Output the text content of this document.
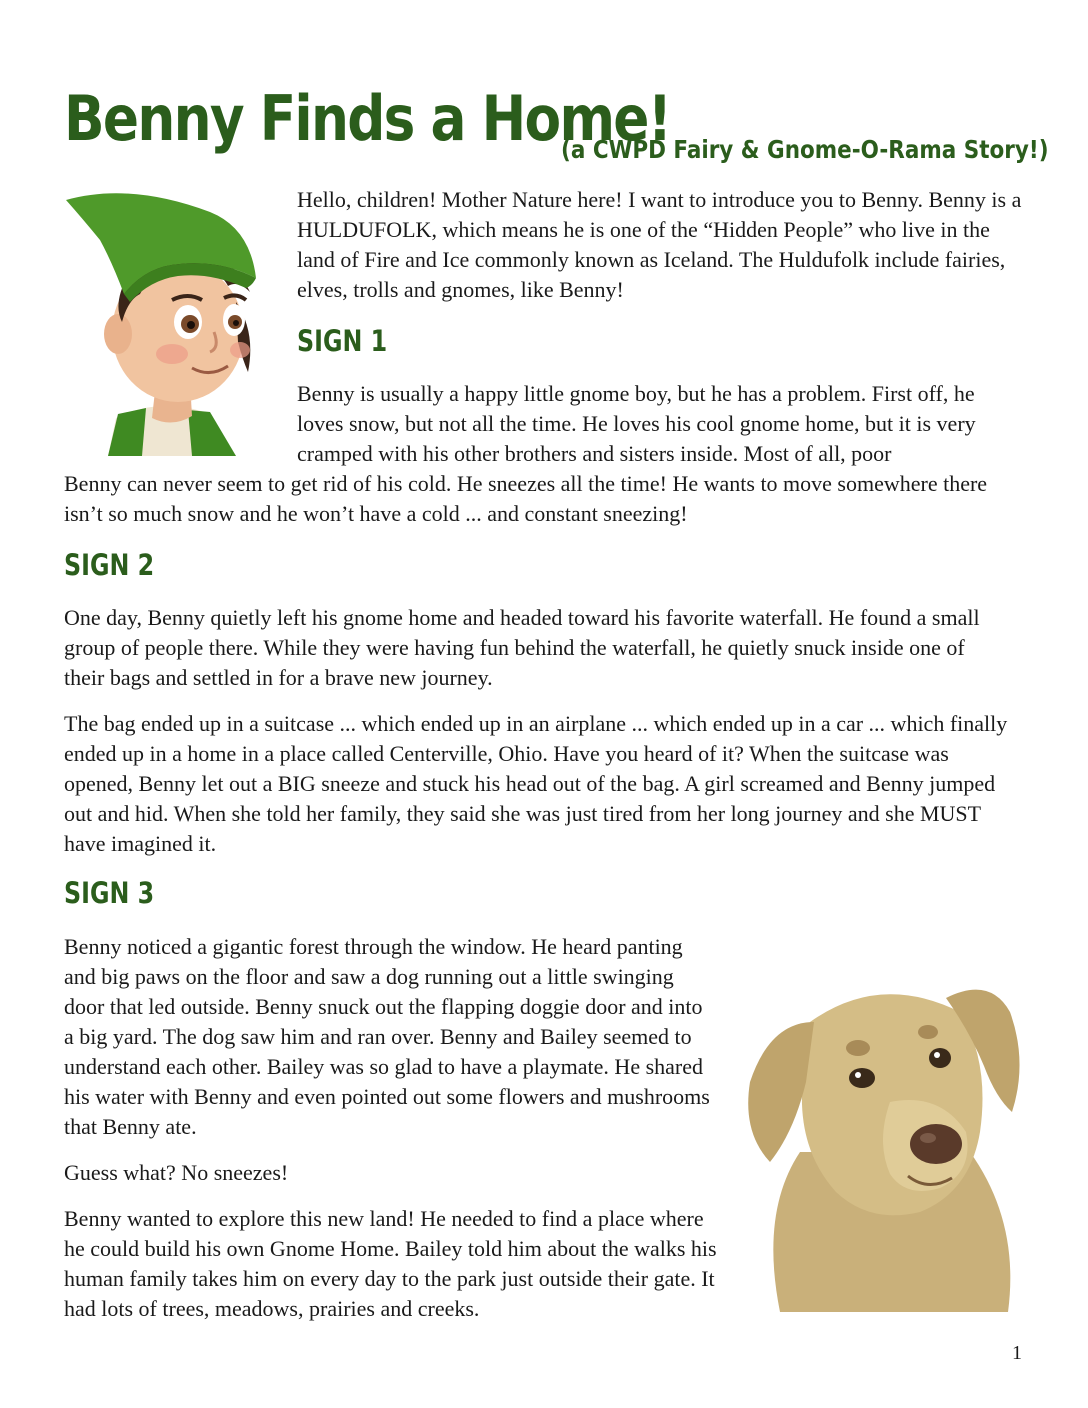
Benny Finds a Home!
(a CWPD Fairy & Gnome-O-Rama Story!)

Hello, children! Mother Nature here! I want to introduce you to Benny. Benny is a HULDUFOLK, which means he is one of the “Hidden People” who live in the land of Fire and Ice commonly known as Iceland. The Huldufolk include fairies, elves, trolls and gnomes, like Benny!

SIGN 1

Benny is usually a happy little gnome boy, but he has a problem. First off, he loves snow, but not all the time. He loves his cool gnome home, but it is very cramped with his other brothers and sisters inside. Most of all, poor

Benny can never seem to get rid of his cold. He sneezes all the time! He wants to move somewhere there isn’t so much snow and he won’t have a cold ... and constant sneezing!

SIGN 2

One day, Benny quietly left his gnome home and headed toward his favorite waterfall. He found a small group of people there. While they were having fun behind the waterfall, he quietly snuck inside one of their bags and settled in for a brave new journey.

The bag ended up in a suitcase ... which ended up in an airplane ... which ended up in a car ... which finally ended up in a home in a place called Centerville, Ohio. Have you heard of it? When the suitcase was opened, Benny let out a BIG sneeze and stuck his head out of the bag. A girl screamed and Benny jumped out and hid. When she told her family, they said she was just tired from her long journey and she MUST have imagined it.

SIGN 3

Benny noticed a gigantic forest through the window. He heard panting and big paws on the floor and saw a dog running out a little swinging door that led outside. Benny snuck out the flapping doggie door and into a big yard. The dog saw him and ran over. Benny and Bailey seemed to understand each other. Bailey was so glad to have a playmate. He shared his water with Benny and even pointed out some flowers and mushrooms that Benny ate.

Guess what? No sneezes!

Benny wanted to explore this new land! He needed to find a place where he could build his own Gnome Home. Bailey told him about the walks his human family takes him on every day to the park just outside their gate. It had lots of trees, meadows, prairies and creeks.

1
